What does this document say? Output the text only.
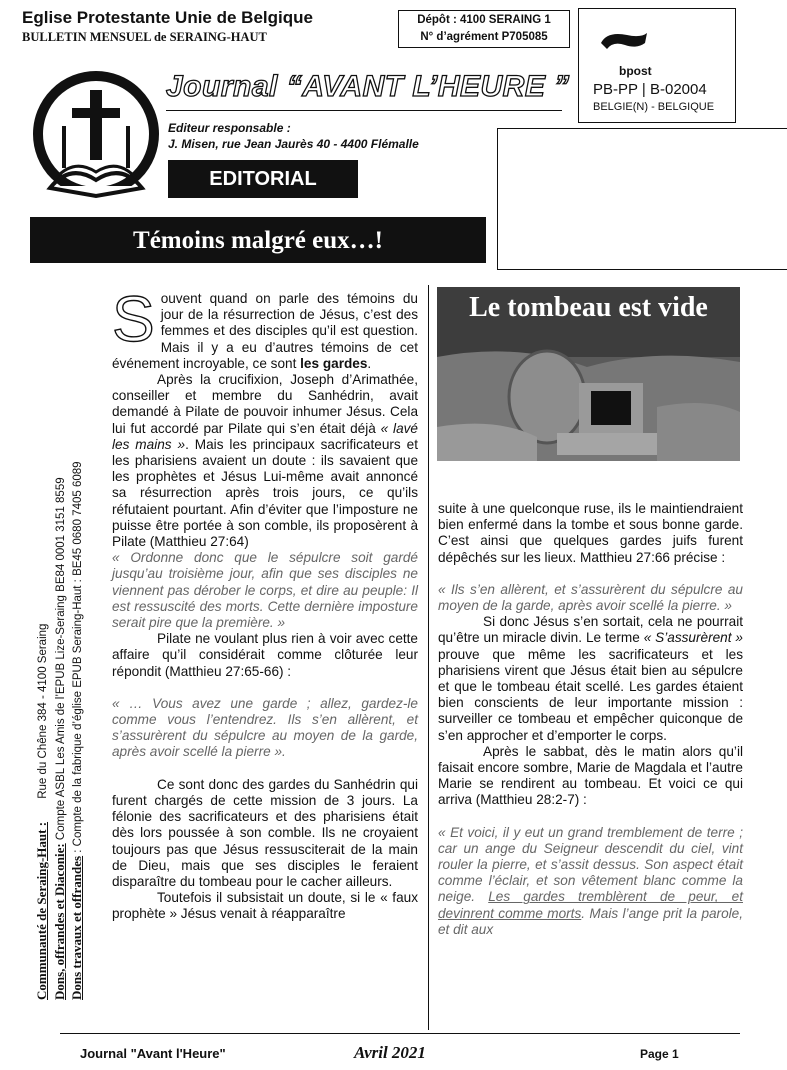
Eglise Protestante Unie de Belgique
BULLETIN MENSUEL de SERAING-HAUT
Dépôt : 4100 SERAING 1
N° d’agrément P705085
bpost
PB-PP | B-02004
BELGIE(N) - BELGIQUE
Journal “AVANT L’HEURE ”
Editeur responsable :
J. Misen, rue Jean Jaurès 40 - 4400 Flémalle
EDITORIAL
Témoins malgré eux…!
Communauté de Seraing-Haut : Rue du Chêne 384 - 4100 Seraing
Dons, offrandes et Diaconie: Compte ASBL Les Amis de l’EPUB Lize-Seraing BE84 0001 3151 8559
Dons travaux et offrandes : Compte de la fabrique d’église EPUB Seraing-Haut : BE45 0680 7405 6089

Souvent quand on parle des témoins du jour de la résurrection de Jésus, c’est des femmes et des disciples qu’il est question. Mais il y a eu d’autres témoins de cet événement incroyable, ce sont les gardes.

Après la crucifixion, Joseph d’Arimathée, conseiller et membre du Sanhédrin, avait demandé à Pilate de pouvoir inhumer Jésus. Cela lui fut accordé par Pilate qui s’en était déjà « lavé les mains ». Mais les principaux sacrificateurs et les pharisiens avaient un doute : ils savaient que les prophètes et Jésus Lui-même avait annoncé sa résurrection après trois jours, ce qu’ils réfutaient pourtant. Afin d’éviter que l’imposture ne puisse être portée à son comble, ils proposèrent à Pilate (Matthieu 27:64)

« Ordonne donc que le sépulcre soit gardé jusqu’au troisième jour, afin que ses disciples ne viennent pas dérober le corps, et dire au peuple: Il est ressuscité des morts. Cette dernière imposture serait pire que la première. »

Pilate ne voulant plus rien à voir avec cette affaire qu’il considérait comme clôturée leur répondit (Matthieu 27:65-66) :

« … Vous avez une garde ; allez, gardez-le comme vous l’entendrez. Ils s’en allèrent, et s’assurèrent du sépulcre au moyen de la garde, après avoir scellé la pierre ».

Ce sont donc des gardes du Sanhédrin qui furent chargés de cette mission de 3 jours. La félonie des sacrificateurs et des pharisiens était dès lors poussée à son comble. Ils ne croyaient toujours pas que Jésus ressusciterait de la main de Dieu, mais que ses disciples le feraient disparaître du tombeau pour le cacher ailleurs.

Toutefois il subsistait un doute, si le « faux prophète » Jésus venait à réapparaître

Le tombeau est vide

suite à une quelconque ruse, ils le maintiendraient bien enfermé dans la tombe et sous bonne garde. C’est ainsi que quelques gardes juifs furent dépêchés sur les lieux. Matthieu 27:66 précise :

« Ils s’en allèrent, et s’assurèrent du sépulcre au moyen de la garde, après avoir scellé la pierre. »

Si donc Jésus s’en sortait, cela ne pourrait qu’être un miracle divin. Le terme « S’assurèrent » prouve que même les sacrificateurs et les pharisiens virent que Jésus était bien au sépulcre et que le tombeau était scellé. Les gardes étaient bien conscients de leur importante mission : surveiller ce tombeau et empêcher quiconque de s’en approcher et d’emporter le corps.

Après le sabbat, dès le matin alors qu’il faisait encore sombre, Marie de Magdala et l’autre Marie se rendirent au tombeau. Et voici ce qui arriva (Matthieu 28:2-7) :

« Et voici, il y eut un grand tremblement de terre ; car un ange du Seigneur descendit du ciel, vint rouler la pierre, et s’assit dessus. Son aspect était comme l’éclair, et son vêtement blanc comme la neige. Les gardes tremblèrent de peur, et devinrent comme morts. Mais l’ange prit la parole, et dit aux

Journal "Avant l'Heure"	Avril 2021	Page 1
